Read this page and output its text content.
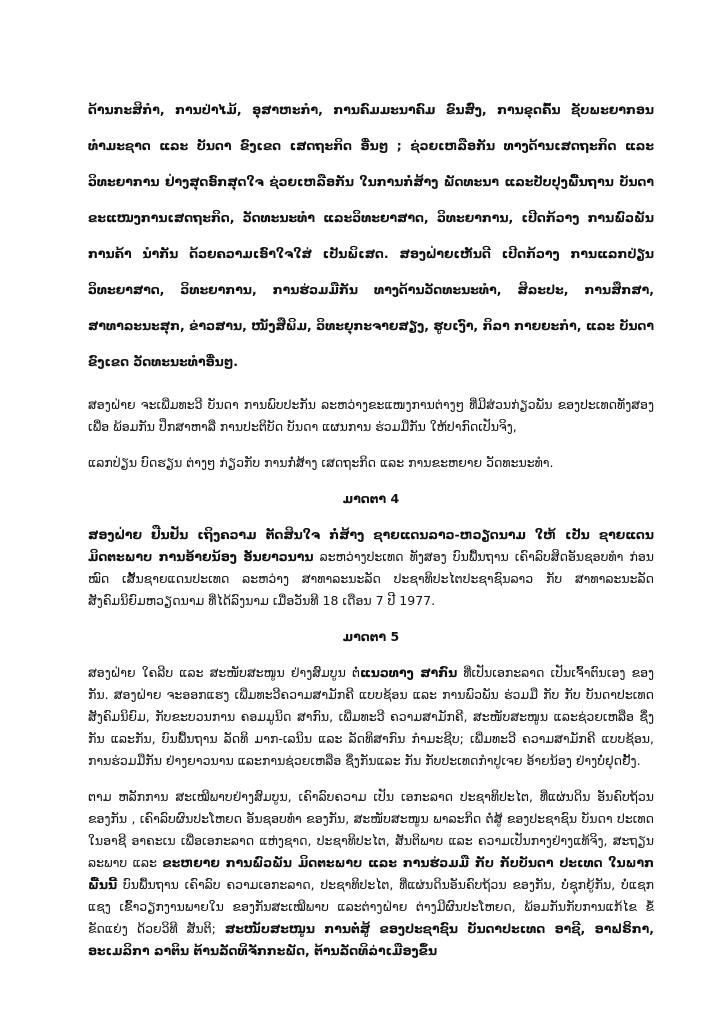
ດ້ານກະສິກຳ, ການປ່າໄມ້, ອຸສາຫະກຳ, ການຄົມມະນາຄົມ ຂົນສົ່ງ, ການຂຸດຄົ້ນ ຊັບພະຍາກອນ ທຳມະຊາດ ແລະ ບັນດາ ຂົງເຂດ ເສດຖະກິດ ອື່ນໆ ; ຊ່ວຍເຫລືອກັນ ທາງດ້ານເສດຖະກິດ ແລະວິທະຍາການ ຢ່າງສຸດອົກສຸດໃຈ ຊ່ວຍເຫລືອກັນ ໃນການກໍ່ສ້າງ ພັດທະນາ ແລະປັບປຸງພື້ນຖານ ບັນດາຂະແໜງການເສດຖະກິດ, ວັດທະນະທຳ ແລະວິທະຍາສາດ, ວິທະຍາການ, ເປີດກ້ວາງ ການພົວພັນ ການຄ້າ ນຳກັນ ດ້ວຍຄວາມເອົາໃຈໃສ່ ເປັນພິເສດ. ສອງຝ່າຍເຫັນດີ ເປີດກ້ວາງ ການແລກປ່ຽນວິທະຍາສາດ, ວິທະຍາການ, ການຮ່ວມມືກັນ ທາງດ້ານວັດທະນະທຳ, ສິລະປະ, ການສຶກສາ, ສາທາລະນະສຸກ, ຂ່າວສານ, ໜັງສືພິມ, ວິທະຍຸກະຈາຍສຽງ, ຮູບເງົາ, ກິລາ ກາຍຍະກຳ, ແລະ ບັນດາ ຂົງເຂດ ວັດທະນະທຳອື່ນໆ.

ສອງຝ່າຍ ຈະເພີ່ມທະວີ ບັນດາ ການພົບປະກັນ ລະຫວ່າງຂະແໜງການຕ່າງໆ ທີ່ມີສ່ວນກ່ຽວພັນ ຂອງປະເທດທັງສອງ ເພື່ອ ພ້ອມກັນ ປຶກສາຫາລື ການປະຕິບັດ ບັນດາ ແຜນການ ຮ່ວມມືກັນ ໃຫ້ປາກົດເປັນຈິງ,

ແລກປ່ຽນ ບົດຮຽນ ຕ່າງໆ ກ່ຽວກັບ ການກໍ່ສ້າງ ເສດຖະກິດ ແລະ ການຂະຫຍາຍ ວັດທະນະທຳ.

ມາດຕາ 4

ສອງຝ່າຍ ຢືນຢັນ ເຖິງຄວາມ ຕັດສິນໃຈ ກໍ່ສ້າງ ຊາຍແດນລາວ-ຫວຽດນາມ ໃຫ້ ເປັນ ຊາຍແດນ ມິດຕະພາບ ການອ້າຍນ້ອງ ອັນຍາວນານ ລະຫວ່າງປະເທດ ທັງສອງ ບົນພື້ນຖານ ເຄົາລົບສິດອັນຊອບທຳ ກ່ອນໝົດ ເສັ້ນຊາຍແດນປະເທດ ລະຫວ່າງ ສາທາລະນະລັດ ປະຊາທິປະໄຕປະຊາຊົນລາວ ກັບ ສາທາລະນະລັດ ສັງຄົມນິຍົມຫວຽດນາມ ທີ່ໄດ້ລົງນາມ ເມື່ອວັນທີ 18 ເດືອນ 7 ປີ 1977.

ມາດຕາ 5

ສອງຝ່າຍ ໃຄລີບ ແລະ ສະໜັບສະໜູນ ຢ່າງສົມບູນ ຕໍ່ແນວທາງ ສາກົນ ທີ່ເປັນເອກະລາດ ເປັນເຈົ້າຕົນເອງ ຂອງກັນ. ສອງຝ່າຍ ຈະອອກແຮງ ເພີ່ມທະວີຄວາມສາມັກຄີ ແບບຊ້ອນ ແລະ ການພົວພັນ ຮ່ວມມື ກັບ ກັບ ບັນດາປະເທດສັງຄົມນິຍົມ, ກັບຂະບວນການ ຄອມມູນິດ ສາກົນ, ເພີ່ມທະວີ ຄວາມສາມັກຄີ, ສະໜັບສະໜູນ ແລະຊ່ວຍເຫລືອ ຊຶ່ງກັນ ແລະກັນ, ບົນພື້ນຖານ ລັດທິ ມາກ-ເລນິນ ແລະ ລັດທິສາກົນ ກຳມະຊີບ; ເພີ່ມທະວີ ຄວາມສາມັກຄີ ແບບຊ້ອນ, ການຮ່ວມມືກັນ ຢ່າງຍາວນານ ແລະການຊ່ວຍເຫລືອ ຊຶ່ງກັນແລະ ກັນ ກັບປະເທດກຳປູເຈຍ ອ້າຍນ້ອງ ຢ່າງບໍ່ຢຸດຢັ້ງ.

ຕາມ ຫລັກການ ສະເໝີພາບຢ່າງສົມບູນ, ເຄົາລົບຄວາມ ເປັນ ເອກະລາດ ປະຊາທິປະໄຕ, ທີ່ແຜ່ນດິນ ອັນຄົບຖ້ວນ ຂອງກັນ , ເຄົາລົບຜົນປະໂຫຍດ ອັນຊອບທຳ ຂອງກັນ, ສະໜັບສະໜູນ ພາລະກິດ ຕໍ່ສູ້ ຂອງປະຊາຊົນ ບັນດາ ປະເທດ ໃນອາຊີ ອາຄະເນ ເພື່ອເອກະລາດ ແຫ່ງຊາດ, ປະຊາທິປະໄຕ, ສັນຕິພາບ ແລະ ຄວາມເປັນກາງຢ່າງແທ້ຈິງ, ສະຖຽນລະພາບ ແລະ ຂະຫຍາຍ ການພົວພັນ ມິດຕະພາບ ແລະ ການຮ່ວມມື ກັບ ກັບບັນດາ ປະເທດ ໃນພາກພື້ນນີ້ ບົນພື້ນຖານ ເຄົາລົບ ຄວາມເອກະລາດ, ປະຊາທິປະໄຕ, ທີ່ແຜ່ນດິນອັນຄົບຖ້ວນ ຂອງກັນ, ບໍ່ຊຸກຍູ້ກັນ, ບໍ່ແຊກແຊງ ເຂົ້າວຽກງານພາຍໃນ ຂອງກັນສະເໝີພາບ ແລະຕ່າງຝ່າຍ ຕ່າງມີຜົນປະໂຫຍດ, ພ້ອມກັນກັບການແກ້ໄຂ ຂໍ້ຂັດແຍ່ງ ດ້ວຍວິທີ ສັນຕິ; ສະໜັບສະໜູນ ການຕໍ່ສູ້ ຂອງປະຊາຊົນ ບັນດາປະເທດ ອາຊີ, ອາຟຣິກາ, ອະເມລິກາ ລາຕິນ ຕ້ານລັດທິຈັກກະພັດ, ຕ້ານລັດທິລ່າເມືອງຂຶ້ນ
